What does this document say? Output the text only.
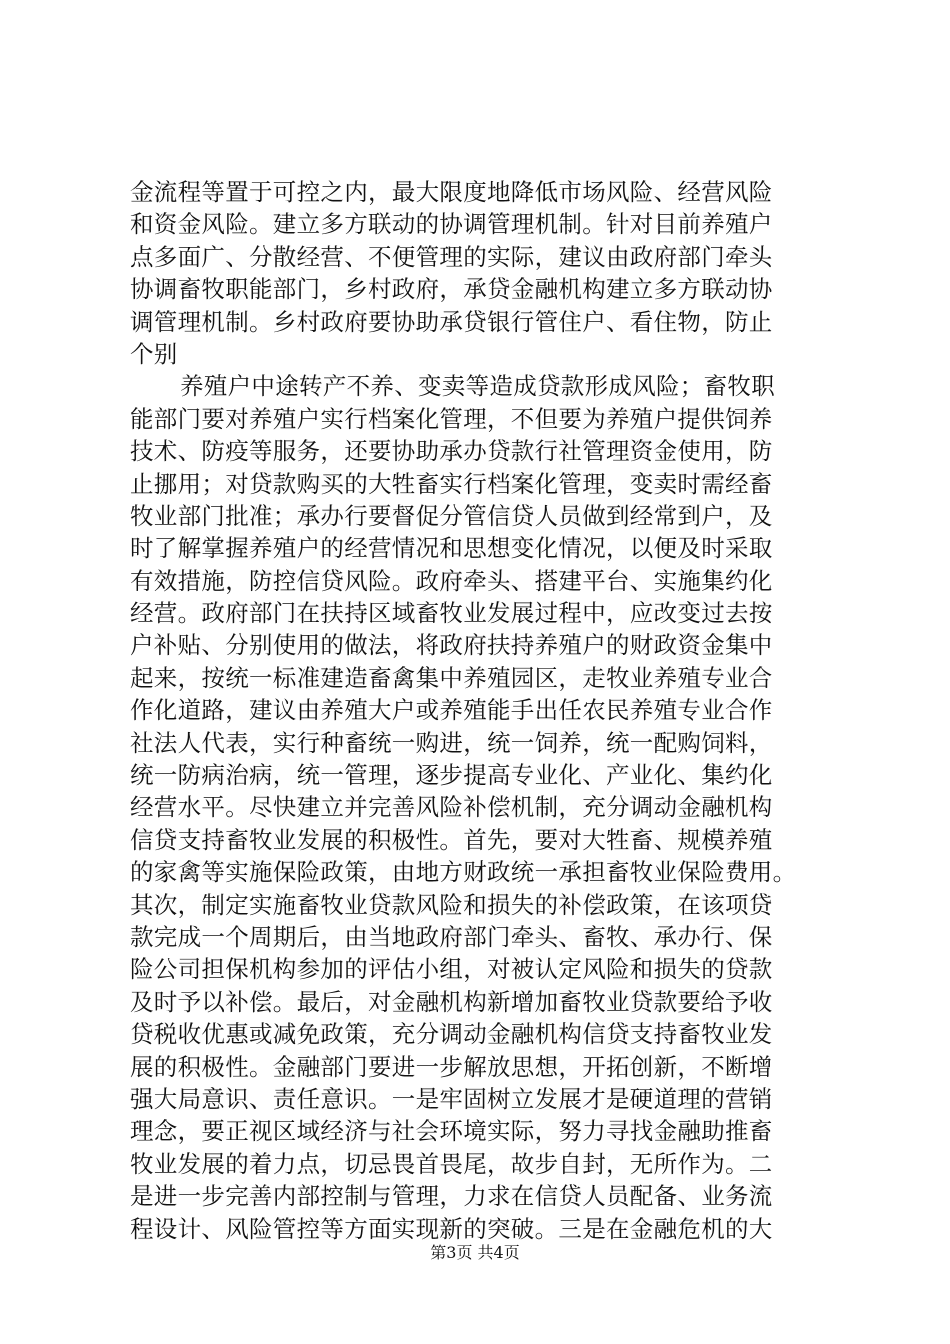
金流程等置于可控之内，最大限度地降低市场风险、经营风险
和资金风险。建立多方联动的协调管理机制。针对目前养殖户
点多面广、分散经营、不便管理的实际，建议由政府部门牵头
协调畜牧职能部门，乡村政府，承贷金融机构建立多方联动协
调管理机制。乡村政府要协助承贷银行管住户、看住物，防止
个别
养殖户中途转产不养、变卖等造成贷款形成风险；畜牧职
能部门要对养殖户实行档案化管理，不但要为养殖户提供饲养
技术、防疫等服务，还要协助承办贷款行社管理资金使用，防
止挪用；对贷款购买的大牲畜实行档案化管理，变卖时需经畜
牧业部门批准；承办行要督促分管信贷人员做到经常到户，及
时了解掌握养殖户的经营情况和思想变化情况，以便及时采取
有效措施，防控信贷风险。政府牵头、搭建平台、实施集约化
经营。政府部门在扶持区域畜牧业发展过程中，应改变过去按
户补贴、分别使用的做法，将政府扶持养殖户的财政资金集中
起来，按统一标准建造畜禽集中养殖园区，走牧业养殖专业合
作化道路，建议由养殖大户或养殖能手出任农民养殖专业合作
社法人代表，实行种畜统一购进，统一饲养，统一配购饲料，
统一防病治病，统一管理，逐步提高专业化、产业化、集约化
经营水平。尽快建立并完善风险补偿机制，充分调动金融机构
信贷支持畜牧业发展的积极性。首先，要对大牲畜、规模养殖
的家禽等实施保险政策，由地方财政统一承担畜牧业保险费用。
其次，制定实施畜牧业贷款风险和损失的补偿政策，在该项贷
款完成一个周期后，由当地政府部门牵头、畜牧、承办行、保
险公司担保机构参加的评估小组，对被认定风险和损失的贷款
及时予以补偿。最后，对金融机构新增加畜牧业贷款要给予收
贷税收优惠或减免政策，充分调动金融机构信贷支持畜牧业发
展的积极性。金融部门要进一步解放思想，开拓创新，不断增
强大局意识、责任意识。一是牢固树立发展才是硬道理的营销
理念，要正视区域经济与社会环境实际，努力寻找金融助推畜
牧业发展的着力点，切忌畏首畏尾，故步自封，无所作为。二
是进一步完善内部控制与管理，力求在信贷人员配备、业务流
程设计、风险管控等方面实现新的突破。三是在金融危机的大
第3页 共4页
